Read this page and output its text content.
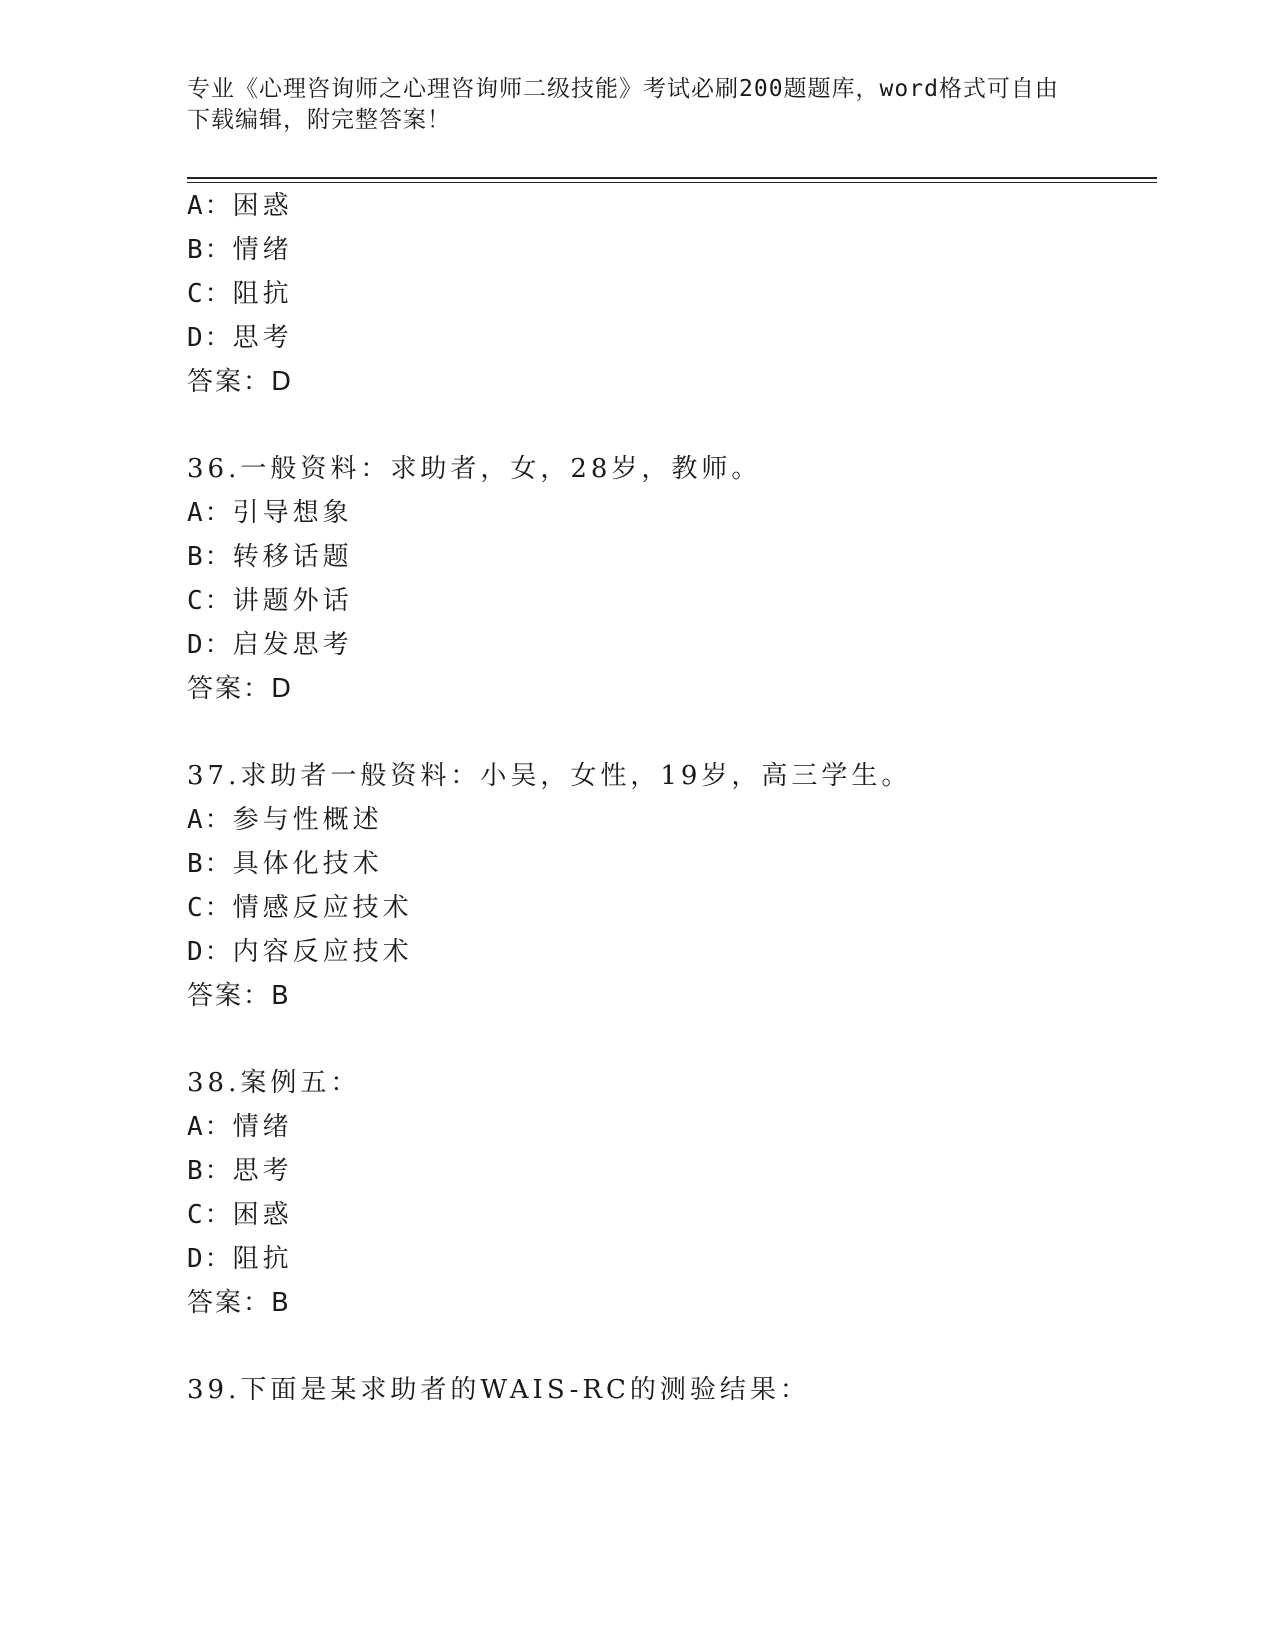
专业《心理咨询师之心理咨询师二级技能》考试必刷200题题库，word格式可自由下载编辑，附完整答案！
A：困惑
B：情绪
C：阻抗
D：思考
答案：D
36.一般资料：求助者，女，28岁，教师。
A：引导想象
B：转移话题
C：讲题外话
D：启发思考
答案：D
37.求助者一般资料：小吴，女性，19岁，高三学生。
A：参与性概述
B：具体化技术
C：情感反应技术
D：内容反应技术
答案：B
38.案例五：
A：情绪
B：思考
C：困惑
D：阻抗
答案：B
39.下面是某求助者的WAIS-RC的测验结果：
